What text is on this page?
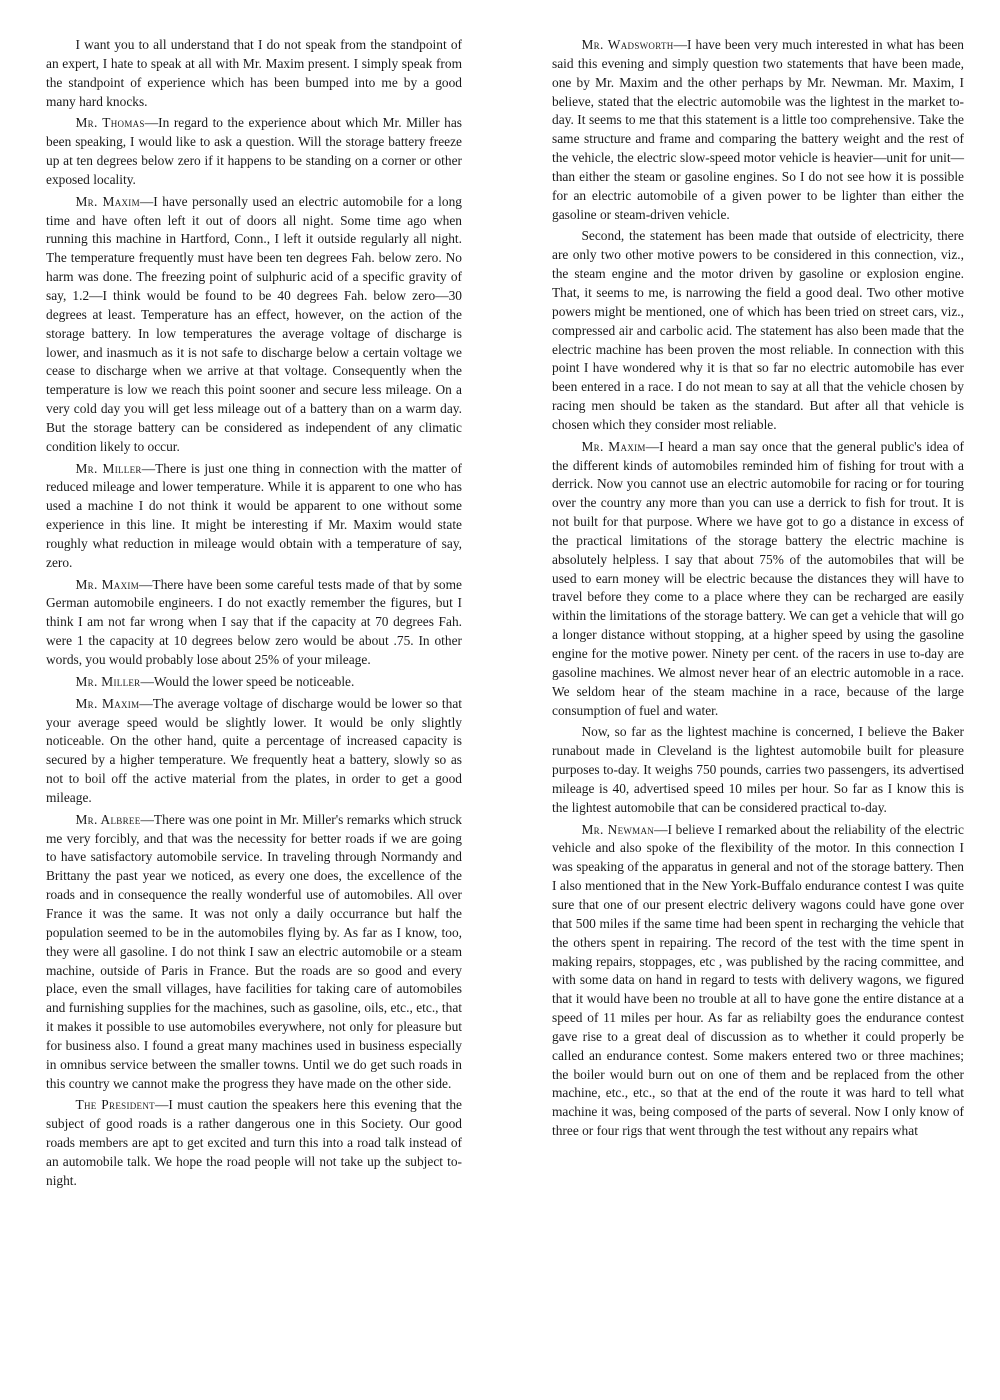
I want you to all understand that I do not speak from the standpoint of an expert, I hate to speak at all with Mr. Maxim present. I simply speak from the standpoint of experience which has been bumped into me by a good many hard knocks.

Mr. Thomas—In regard to the experience about which Mr. Miller has been speaking, I would like to ask a question. Will the storage battery freeze up at ten degrees below zero if it happens to be standing on a corner or other exposed locality.

Mr. Maxim—I have personally used an electric automobile for a long time and have often left it out of doors all night. Some time ago when running this machine in Hartford, Conn., I left it outside regularly all night. The temperature frequently must have been ten degrees Fah. below zero. No harm was done. The freezing point of sulphuric acid of a specific gravity of say, 1.2—I think would be found to be 40 degrees Fah. below zero—30 degrees at least. Temperature has an effect, however, on the action of the storage battery. In low temperatures the average voltage of discharge is lower, and inasmuch as it is not safe to discharge below a certain voltage we cease to discharge when we arrive at that voltage. Consequently when the temperature is low we reach this point sooner and secure less mileage. On a very cold day you will get less mileage out of a battery than on a warm day. But the storage battery can be considered as independent of any climatic condition likely to occur.

Mr. Miller—There is just one thing in connection with the matter of reduced mileage and lower temperature. While it is apparent to one who has used a machine I do not think it would be apparent to one without some experience in this line. It might be interesting if Mr. Maxim would state roughly what reduction in mileage would obtain with a temperature of say, zero.

Mr. Maxim—There have been some careful tests made of that by some German automobile engineers. I do not exactly remember the figures, but I think I am not far wrong when I say that if the capacity at 70 degrees Fah. were 1 the capacity at 10 degrees below zero would be about .75. In other words, you would probably lose about 25% of your mileage.

Mr. Miller—Would the lower speed be noticeable.

Mr. Maxim—The average voltage of discharge would be lower so that your average speed would be slightly lower. It would be only slightly noticeable. On the other hand, quite a percentage of increased capacity is secured by a higher temperature. We frequently heat a battery, slowly so as not to boil off the active material from the plates, in order to get a good mileage.

Mr. Albree—There was one point in Mr. Miller's remarks which struck me very forcibly, and that was the necessity for better roads if we are going to have satisfactory automobile service. In traveling through Normandy and Brittany the past year we noticed, as every one does, the excellence of the roads and in consequence the really wonderful use of automobiles. All over France it was the same. It was not only a daily occurrance but half the population seemed to be in the automobiles flying by. As far as I know, too, they were all gasoline. I do not think I saw an electric automobile or a steam machine, outside of Paris in France. But the roads are so good and every place, even the small villages, have facilities for taking care of automobiles and furnishing supplies for the machines, such as gasoline, oils, etc., etc., that it makes it possible to use automobiles everywhere, not only for pleasure but for business also. I found a great many machines used in business especially in omnibus service between the smaller towns. Until we do get such roads in this country we cannot make the progress they have made on the other side.

The President—I must caution the speakers here this evening that the subject of good roads is a rather dangerous one in this Society. Our good roads members are apt to get excited and turn this into a road talk instead of an automobile talk. We hope the road people will not take up the subject to-night.

Mr. Wadsworth—I have been very much interested in what has been said this evening and simply question two statements that have been made, one by Mr. Maxim and the other perhaps by Mr. Newman. Mr. Maxim, I believe, stated that the electric automobile was the lightest in the market to-day. It seems to me that this statement is a little too comprehensive. Take the same structure and frame and comparing the battery weight and the rest of the vehicle, the electric slow-speed motor vehicle is heavier—unit for unit—than either the steam or gasoline engines. So I do not see how it is possible for an electric automobile of a given power to be lighter than either the gasoline or steam-driven vehicle.

Second, the statement has been made that outside of electricity, there are only two other motive powers to be considered in this connection, viz., the steam engine and the motor driven by gasoline or explosion engine. That, it seems to me, is narrowing the field a good deal. Two other motive powers might be mentioned, one of which has been tried on street cars, viz., compressed air and carbolic acid. The statement has also been made that the electric machine has been proven the most reliable. In connection with this point I have wondered why it is that so far no electric automobile has ever been entered in a race. I do not mean to say at all that the vehicle chosen by racing men should be taken as the standard. But after all that vehicle is chosen which they consider most reliable.

Mr. Maxim—I heard a man say once that the general public's idea of the different kinds of automobiles reminded him of fishing for trout with a derrick. Now you cannot use an electric automobile for racing or for touring over the country any more than you can use a derrick to fish for trout. It is not built for that purpose. Where we have got to go a distance in excess of the practical limitations of the storage battery the electric machine is absolutely helpless. I say that about 75% of the automobiles that will be used to earn money will be electric because the distances they will have to travel before they come to a place where they can be recharged are easily within the limitations of the storage battery. We can get a vehicle that will go a longer distance without stopping, at a higher speed by using the gasoline engine for the motive power. Ninety per cent. of the racers in use to-day are gasoline machines. We almost never hear of an electric automoble in a race. We seldom hear of the steam machine in a race, because of the large consumption of fuel and water.

Now, so far as the lightest machine is concerned, I believe the Baker runabout made in Cleveland is the lightest automobile built for pleasure purposes to-day. It weighs 750 pounds, carries two passengers, its advertised mileage is 40, advertised speed 10 miles per hour. So far as I know this is the lightest automobile that can be considered practical to-day.

Mr. Newman—I believe I remarked about the reliability of the electric vehicle and also spoke of the flexibility of the motor. In this connection I was speaking of the apparatus in general and not of the storage battery. Then I also mentioned that in the New York-Buffalo endurance contest I was quite sure that one of our present electric delivery wagons could have gone over that 500 miles if the same time had been spent in recharging the vehicle that the others spent in repairing. The record of the test with the time spent in making repairs, stoppages, etc , was published by the racing committee, and with some data on hand in regard to tests with delivery wagons, we figured that it would have been no trouble at all to have gone the entire distance at a speed of 11 miles per hour. As far as reliabilty goes the endurance contest gave rise to a great deal of discussion as to whether it could properly be called an endurance contest. Some makers entered two or three machines; the boiler would burn out on one of them and be replaced from the other machine, etc., etc., so that at the end of the route it was hard to tell what machine it was, being composed of the parts of several. Now I only know of three or four rigs that went through the test without any repairs what
